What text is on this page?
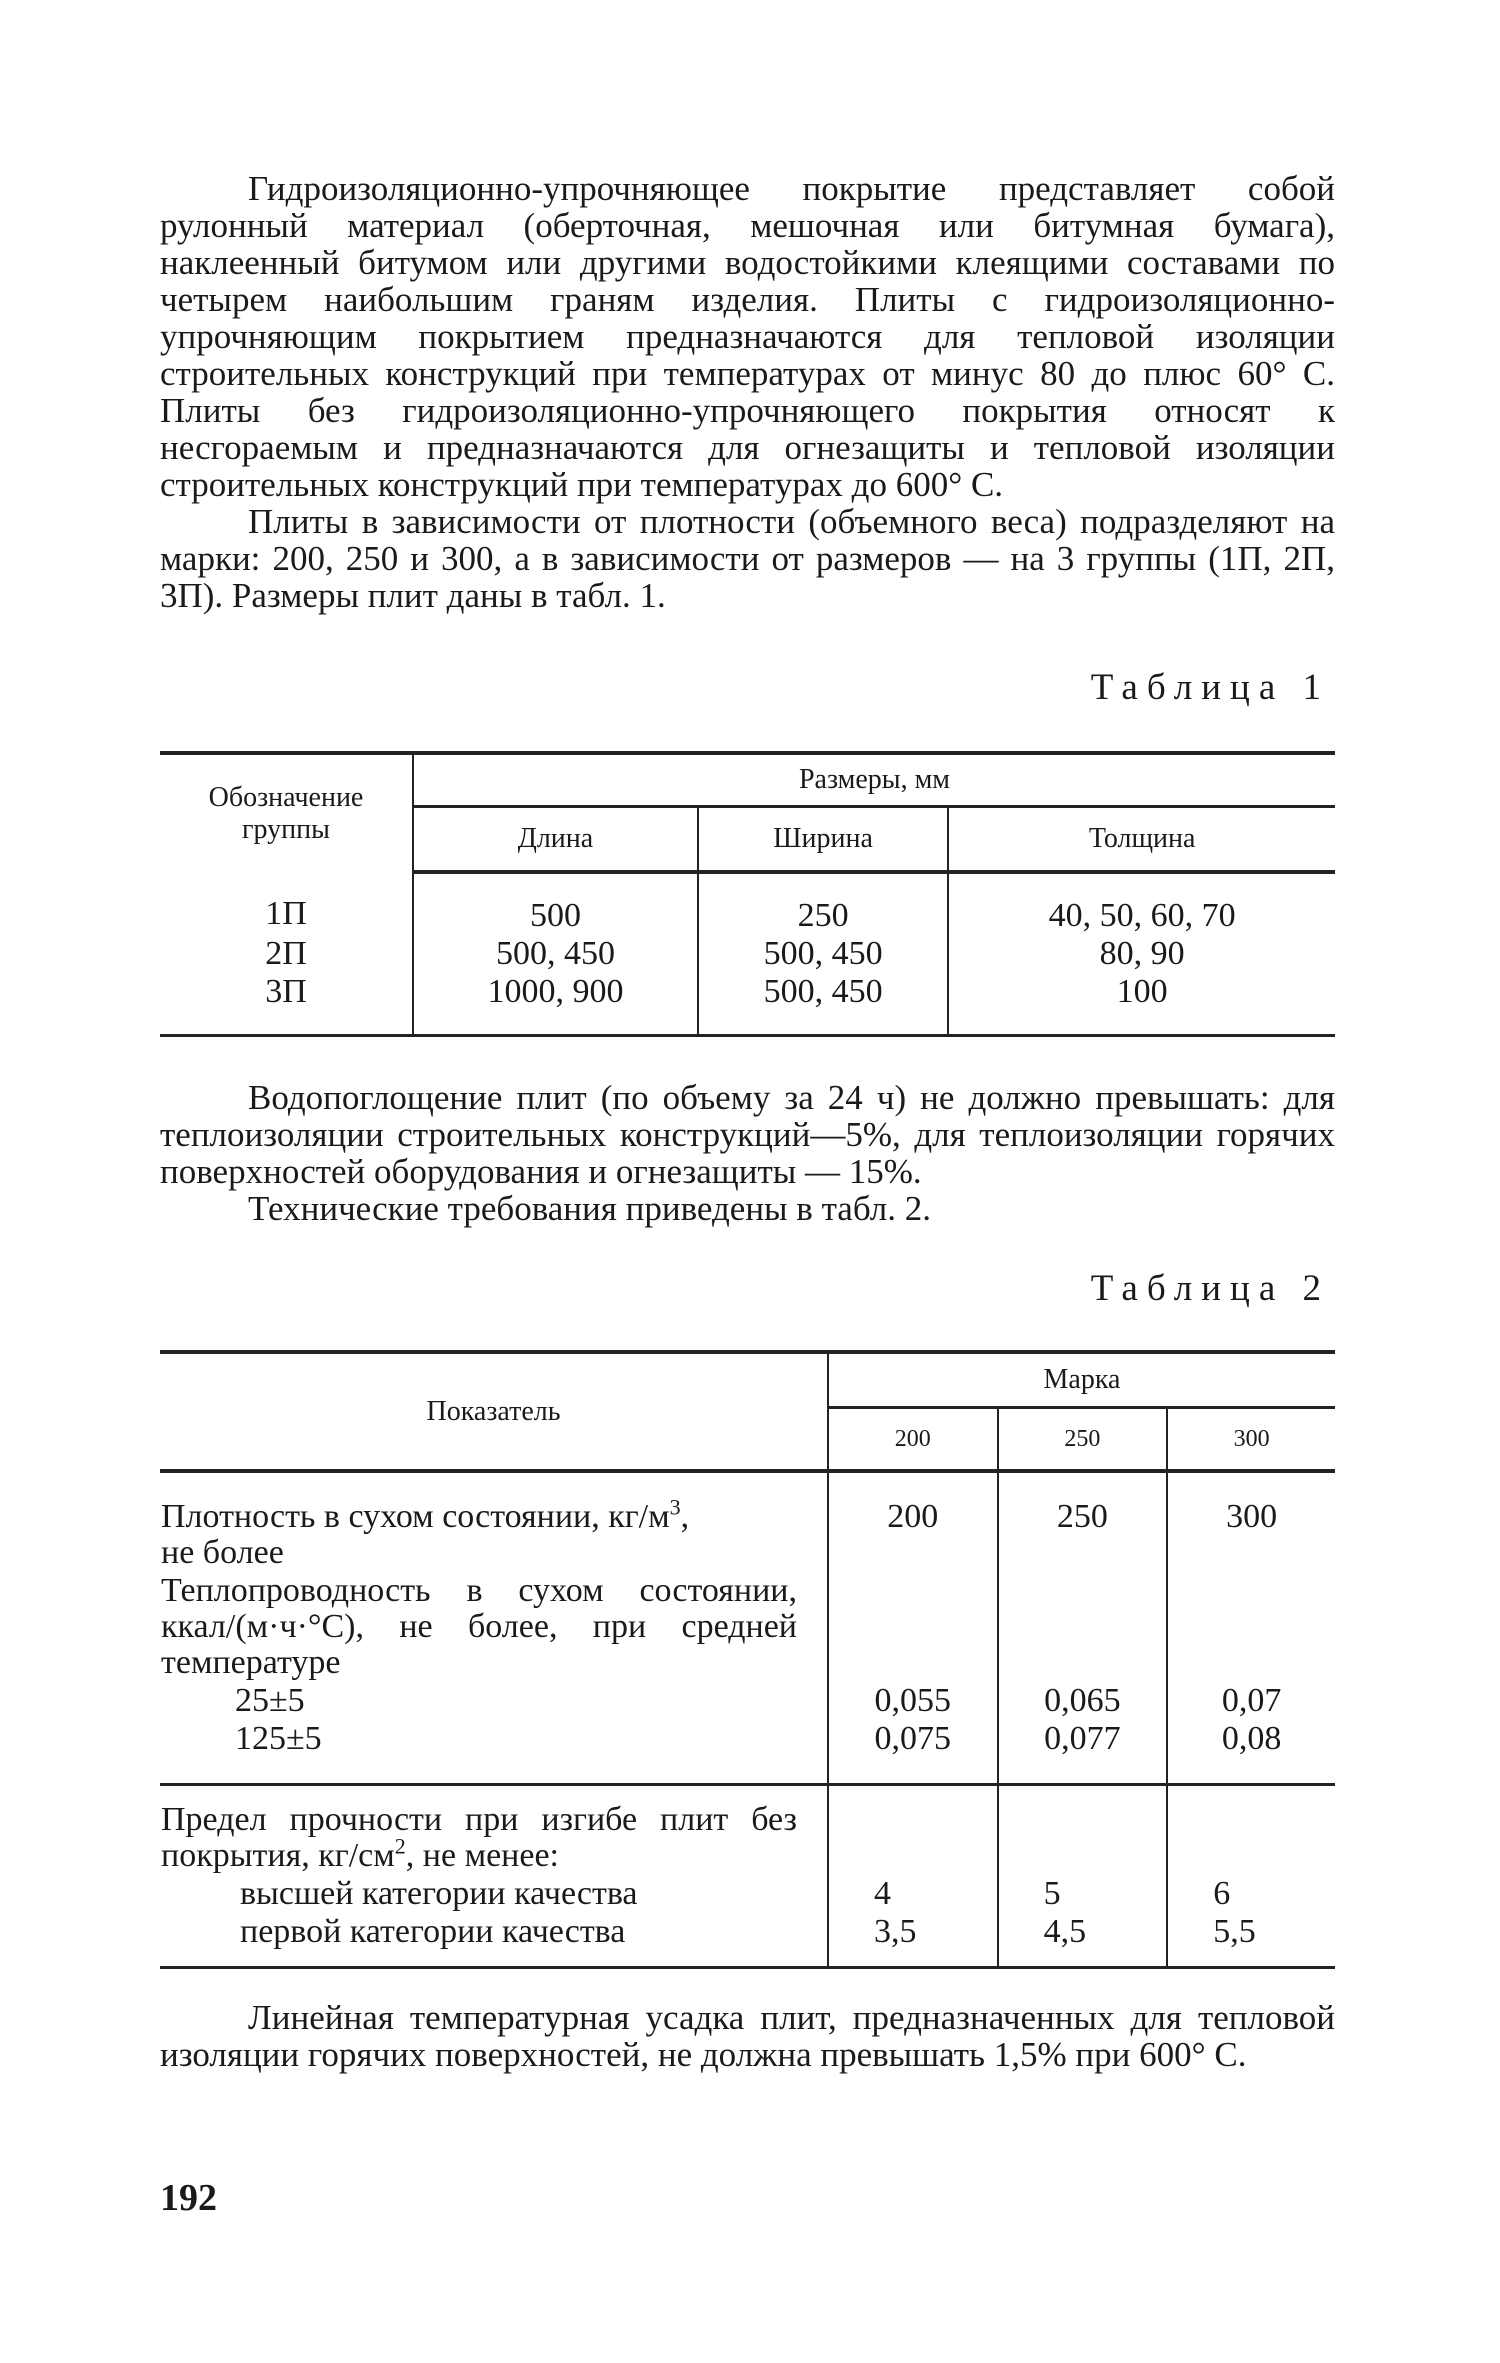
Гидроизоляционно-упрочняющее покрытие представляет собой рулонный материал (оберточная, мешочная или битумная бумага), наклеенный битумом или другими водостойкими клеящими составами по четырем наибольшим граням изделия. Плиты с гидроизоляционно-упрочняющим покрытием предназначаются для тепловой изоляции строительных конструкций при температурах от минус 80 до плюс 60° С. Плиты без гидроизоляционно-упрочняющего покрытия относят к несгораемым и предназначаются для огнезащиты и тепловой изоляции строительных конструкций при температурах до 600° С.

Плиты в зависимости от плотности (объемного веса) подразделяют на марки: 200, 250 и 300, а в зависимости от размеров — на 3 группы (1П, 2П, 3П). Размеры плит даны в табл. 1.

Таблица 1

Обозначение группы	Размеры, мм		
	Длина	Ширина	Толщина
1П	500	250	40, 50, 60, 70
2П	500, 450	500, 450	80, 90
3П	1000, 900	500, 450	100

Водопоглощение плит (по объему за 24 ч) не должно превышать: для теплоизоляции строительных конструкций—5%, для теплоизоляции горячих поверхностей оборудования и огнезащиты — 15%.

Технические требования приведены в табл. 2.

Таблица 2

Показатель	Марка		
	200	250	300
Плотность в сухом состоянии, $кг/м^3$,
не более	200	250	300
Теплопроводность в сухом состоянии, ккал/(м·ч·°С), не более, при средней температуре			
25±5	0,055	0,065	0,07
125±5	0,075	0,077	0,08
Предел прочности при изгибе плит без покрытия, $кг/см^2$, не менее:			
высшей категории качества	4	5	6
первой категории качества	3,5	4,5	5,5

Линейная температурная усадка плит, предназначенных для тепловой изоляции горячих поверхностей, не должна превышать 1,5% при 600° С.

192
